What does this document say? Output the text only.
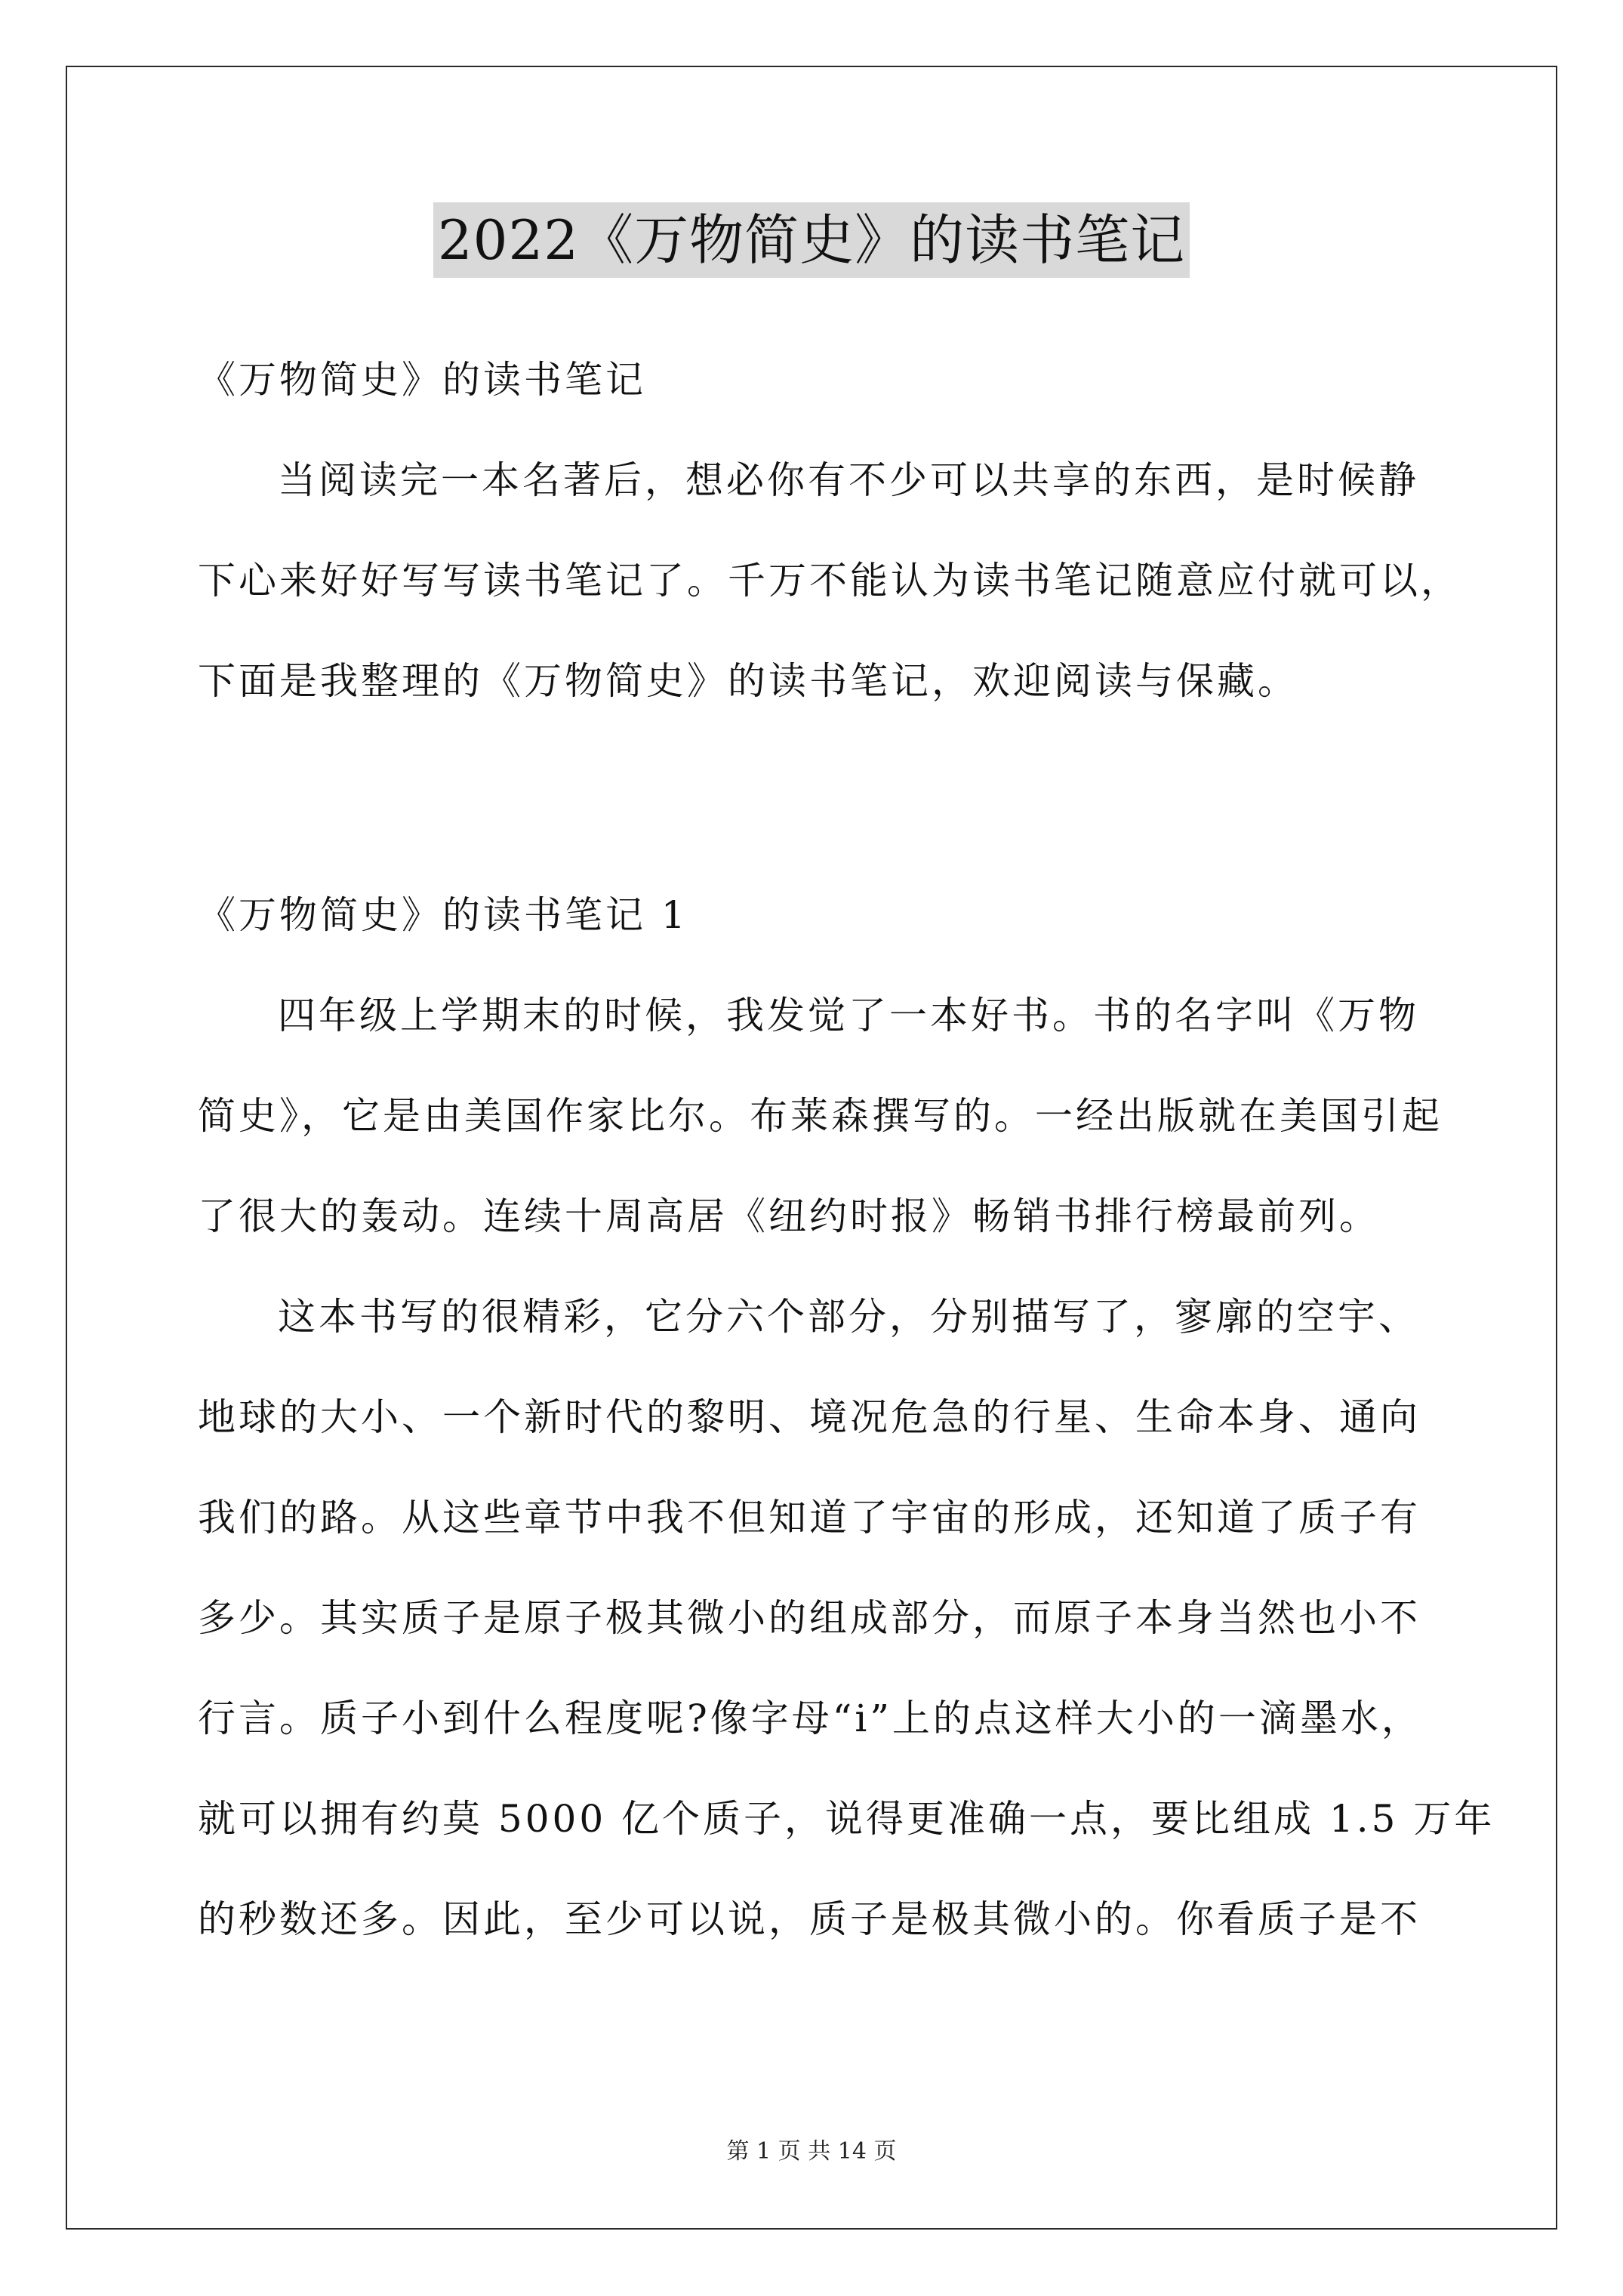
2022《万物简史》的读书笔记
《万物简史》的读书笔记
当阅读完一本名著后，想必你有不少可以共享的东西，是时候静
下心来好好写写读书笔记了。千万不能认为读书笔记随意应付就可以，
下面是我整理的《万物简史》的读书笔记，欢迎阅读与保藏。
《万物简史》的读书笔记 1
四年级上学期末的时候，我发觉了一本好书。书的名字叫《万物
简史》，它是由美国作家比尔。布莱森撰写的。一经出版就在美国引起
了很大的轰动。连续十周高居《纽约时报》畅销书排行榜最前列。
这本书写的很精彩，它分六个部分，分别描写了，寥廓的空宇、
地球的大小、一个新时代的黎明、境况危急的行星、生命本身、通向
我们的路。从这些章节中我不但知道了宇宙的形成，还知道了质子有
多少。其实质子是原子极其微小的组成部分，而原子本身当然也小不
行言。质子小到什么程度呢?像字母“i”上的点这样大小的一滴墨水，
就可以拥有约莫 5000 亿个质子，说得更准确一点，要比组成 1.5 万年
的秒数还多。因此，至少可以说，质子是极其微小的。你看质子是不
第 1 页 共 14 页
